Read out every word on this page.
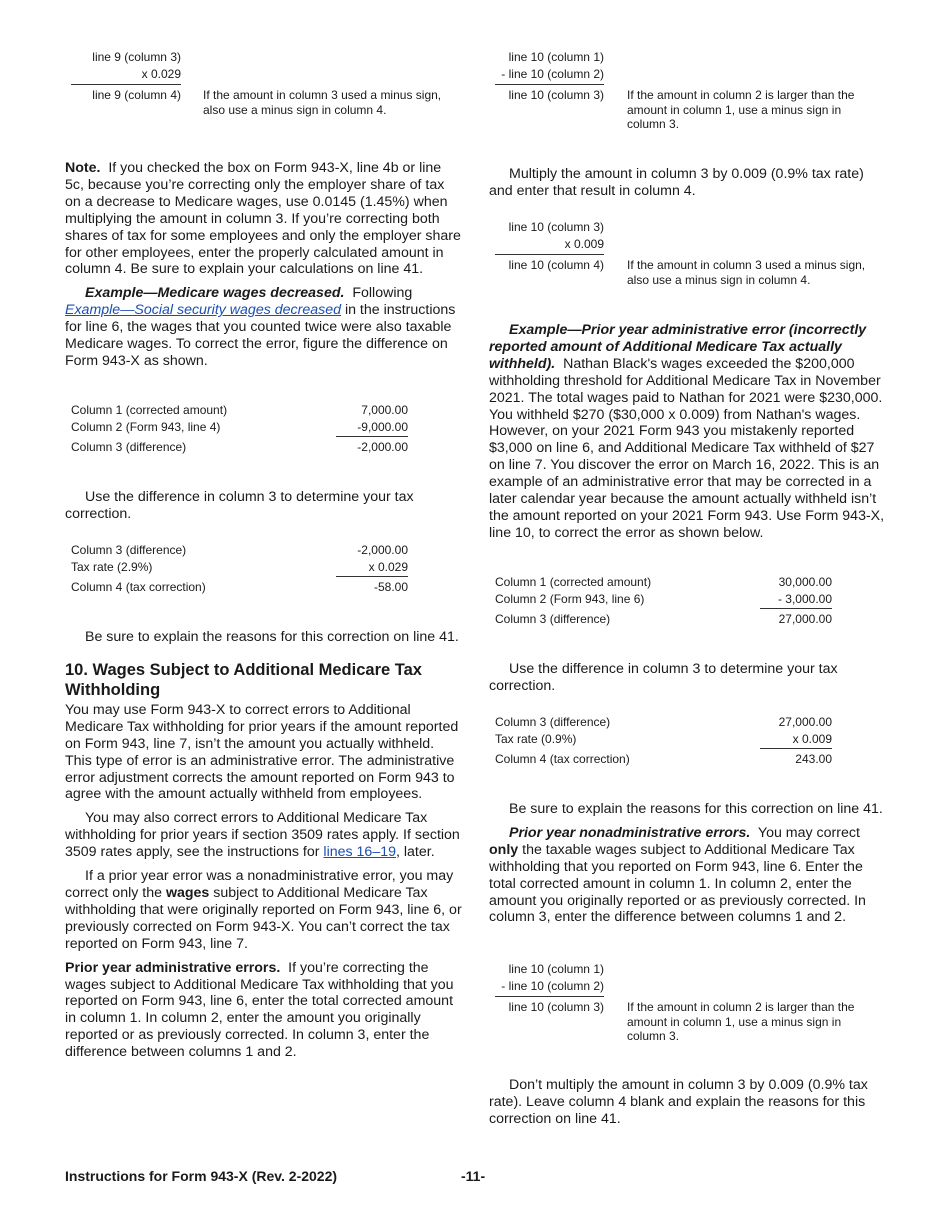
line 9 (column 3)
x 0.029
line 9 (column 4) If the amount in column 3 used a minus sign, also use a minus sign in column 4.

Note. If you checked the box on Form 943-X, line 4b or line 5c, because you’re correcting only the employer share of tax on a decrease to Medicare wages, use 0.0145 (1.45%) when multiplying the amount in column 3. If you’re correcting both shares of tax for some employees and only the employer share for other employees, enter the properly calculated amount in column 4. Be sure to explain your calculations on line 41.

Example—Medicare wages decreased. Following Example—Social security wages decreased in the instructions for line 6, the wages that you counted twice were also taxable Medicare wages. To correct the error, figure the difference on Form 943-X as shown.

Column 1 (corrected amount)	7,000.00
Column 2 (Form 943, line 4)	-9,000.00
Column 3 (difference)	-2,000.00

Use the difference in column 3 to determine your tax correction.

Column 3 (difference)	-2,000.00
Tax rate (2.9%)	x 0.029
Column 4 (tax correction)	-58.00

Be sure to explain the reasons for this correction on line 41.

10. Wages Subject to Additional Medicare Tax Withholding

You may use Form 943-X to correct errors to Additional Medicare Tax withholding for prior years if the amount reported on Form 943, line 7, isn’t the amount you actually withheld. This type of error is an administrative error. The administrative error adjustment corrects the amount reported on Form 943 to agree with the amount actually withheld from employees.

You may also correct errors to Additional Medicare Tax withholding for prior years if section 3509 rates apply. If section 3509 rates apply, see the instructions for lines 16–19, later.

If a prior year error was a nonadministrative error, you may correct only the wages subject to Additional Medicare Tax withholding that were originally reported on Form 943, line 6, or previously corrected on Form 943-X. You can’t correct the tax reported on Form 943, line 7.

Prior year administrative errors. If you’re correcting the wages subject to Additional Medicare Tax withholding that you reported on Form 943, line 6, enter the total corrected amount in column 1. In column 2, enter the amount you originally reported or as previously corrected. In column 3, enter the difference between columns 1 and 2.

line 10 (column 1)
- line 10 (column 2)
line 10 (column 3) If the amount in column 2 is larger than the amount in column 1, use a minus sign in column 3.

Multiply the amount in column 3 by 0.009 (0.9% tax rate) and enter that result in column 4.

line 10 (column 3)
x 0.009
line 10 (column 4) If the amount in column 3 used a minus sign, also use a minus sign in column 4.

Example—Prior year administrative error (incorrectly reported amount of Additional Medicare Tax actually withheld). Nathan Black's wages exceeded the $200,000 withholding threshold for Additional Medicare Tax in November 2021. The total wages paid to Nathan for 2021 were $230,000. You withheld $270 ($30,000 x 0.009) from Nathan's wages. However, on your 2021 Form 943 you mistakenly reported $3,000 on line 6, and Additional Medicare Tax withheld of $27 on line 7. You discover the error on March 16, 2022. This is an example of an administrative error that may be corrected in a later calendar year because the amount actually withheld isn’t the amount reported on your 2021 Form 943. Use Form 943-X, line 10, to correct the error as shown below.

Column 1 (corrected amount)	30,000.00
Column 2 (Form 943, line 6)	- 3,000.00
Column 3 (difference)	27,000.00

Use the difference in column 3 to determine your tax correction.

Column 3 (difference)	27,000.00
Tax rate (0.9%)	x 0.009
Column 4 (tax correction)	243.00

Be sure to explain the reasons for this correction on line 41.

Prior year nonadministrative errors. You may correct only the taxable wages subject to Additional Medicare Tax withholding that you reported on Form 943, line 6. Enter the total corrected amount in column 1. In column 2, enter the amount you originally reported or as previously corrected. In column 3, enter the difference between columns 1 and 2.

line 10 (column 1)
- line 10 (column 2)
line 10 (column 3) If the amount in column 2 is larger than the amount in column 1, use a minus sign in column 3.

Don’t multiply the amount in column 3 by 0.009 (0.9% tax rate). Leave column 4 blank and explain the reasons for this correction on line 41.

Instructions for Form 943-X (Rev. 2-2022)	-11-
